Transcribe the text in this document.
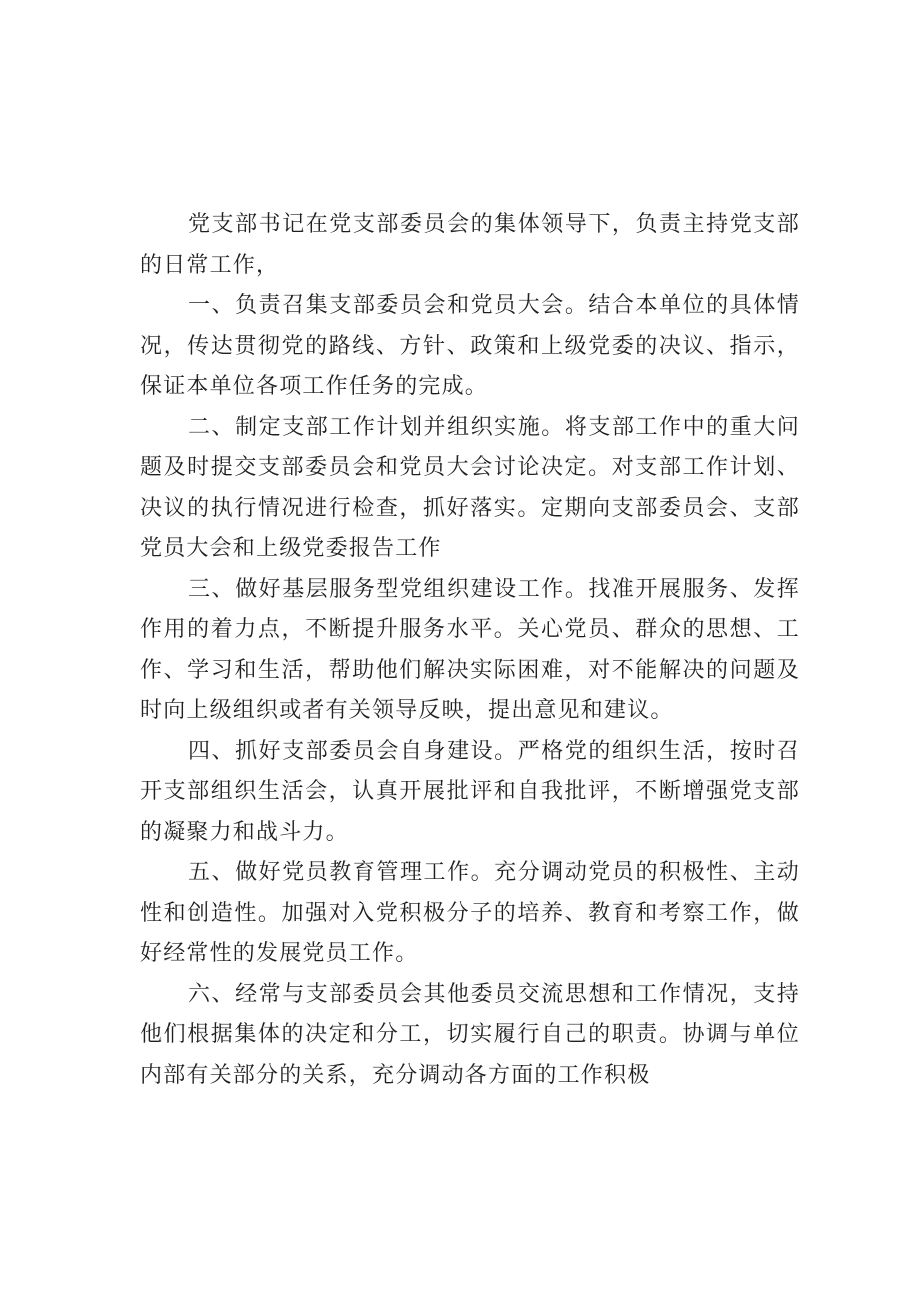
党支部书记在党支部委员会的集体领导下，负责主持党支部的日常工作，

一、负责召集支部委员会和党员大会。结合本单位的具体情况，传达贯彻党的路线、方针、政策和上级党委的决议、指示，保证本单位各项工作任务的完成。

二、制定支部工作计划并组织实施。将支部工作中的重大问题及时提交支部委员会和党员大会讨论决定。对支部工作计划、决议的执行情况进行检查，抓好落实。定期向支部委员会、支部党员大会和上级党委报告工作

三、做好基层服务型党组织建设工作。找准开展服务、发挥作用的着力点，不断提升服务水平。关心党员、群众的思想、工作、学习和生活，帮助他们解决实际困难，对不能解决的问题及时向上级组织或者有关领导反映，提出意见和建议。

四、抓好支部委员会自身建设。严格党的组织生活，按时召开支部组织生活会，认真开展批评和自我批评，不断增强党支部的凝聚力和战斗力。

五、做好党员教育管理工作。充分调动党员的积极性、主动性和创造性。加强对入党积极分子的培养、教育和考察工作，做好经常性的发展党员工作。

六、经常与支部委员会其他委员交流思想和工作情况，支持他们根据集体的决定和分工，切实履行自己的职责。协调与单位内部有关部分的关系，充分调动各方面的工作积极
